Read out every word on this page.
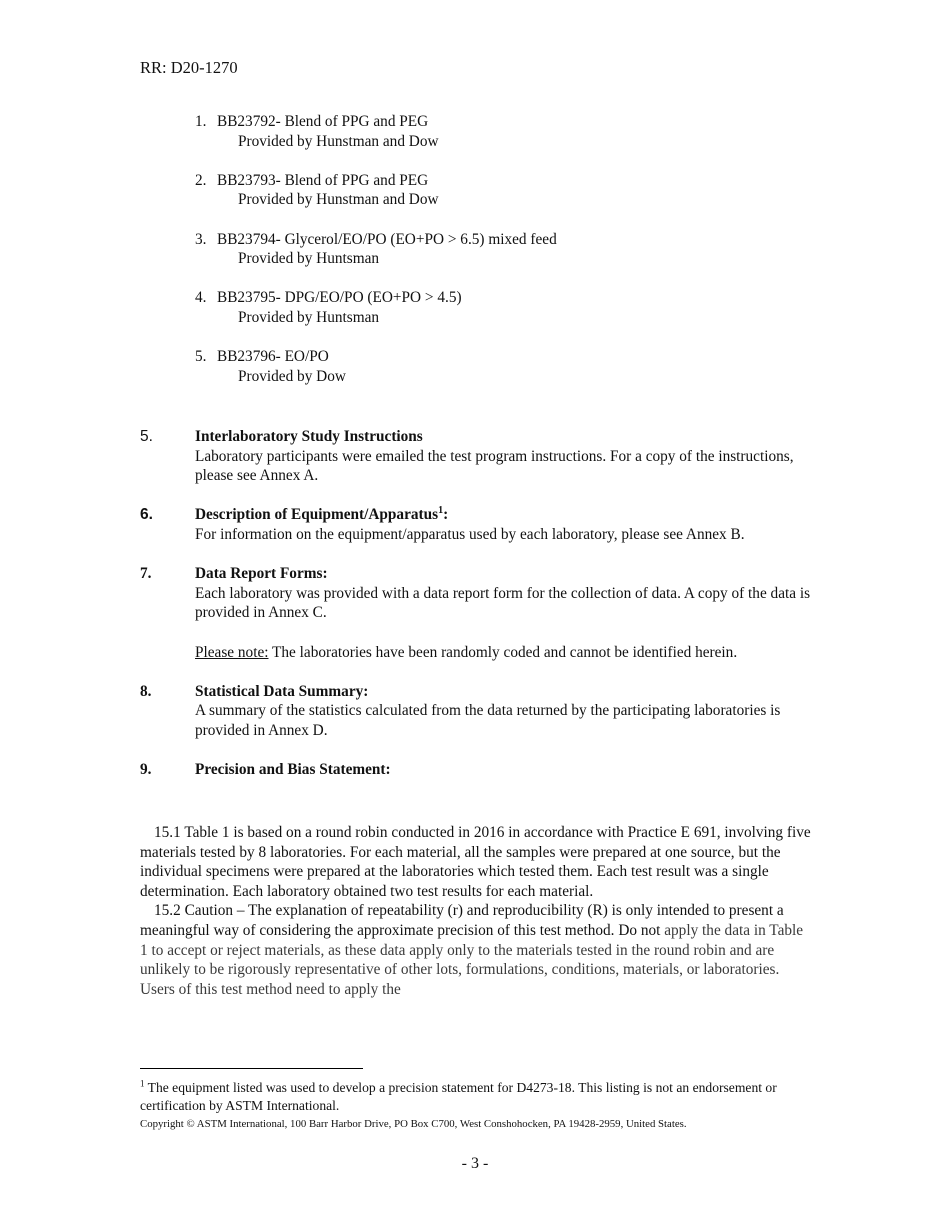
RR: D20-1270
1. BB23792- Blend of PPG and PEG
Provided by Hunstman and Dow
2. BB23793- Blend of PPG and PEG
Provided by Hunstman and Dow
3. BB23794- Glycerol/EO/PO (EO+PO > 6.5) mixed feed
Provided by Huntsman
4. BB23795- DPG/EO/PO (EO+PO > 4.5)
Provided by Huntsman
5. BB23796- EO/PO
Provided by Dow
5.	Interlaboratory Study Instructions
Laboratory participants were emailed the test program instructions. For a copy of the instructions, please see Annex A.
6.	Description of Equipment/Apparatus$^1$:
For information on the equipment/apparatus used by each laboratory, please see Annex B.
7.	Data Report Forms:
Each laboratory was provided with a data report form for the collection of data. A copy of the data is provided in Annex C.
Please note: The laboratories have been randomly coded and cannot be identified herein.
8.	Statistical Data Summary:
A summary of the statistics calculated from the data returned by the participating laboratories is provided in Annex D.
9.	Precision and Bias Statement:

15.1 Table 1 is based on a round robin conducted in 2016 in accordance with Practice E 691, involving five materials tested by 8 laboratories. For each material, all the samples were prepared at one source, but the individual specimens were prepared at the laboratories which tested them. Each test result was a single determination. Each laboratory obtained two test results for each material.

15.2 Caution – The explanation of repeatability (r) and reproducibility (R) is only intended to present a meaningful way of considering the approximate precision of this test method. Do not apply the data in Table 1 to accept or reject materials, as these data apply only to the materials tested in the round robin and are unlikely to be rigorously representative of other lots, formulations, conditions, materials, or laboratories. Users of this test method need to apply the

$^1$ The equipment listed was used to develop a precision statement for D4273-18. This listing is not an endorsement or certification by ASTM International.
Copyright © ASTM International, 100 Barr Harbor Drive, PO Box C700, West Conshohocken, PA 19428-2959, United States.
- 3 -
